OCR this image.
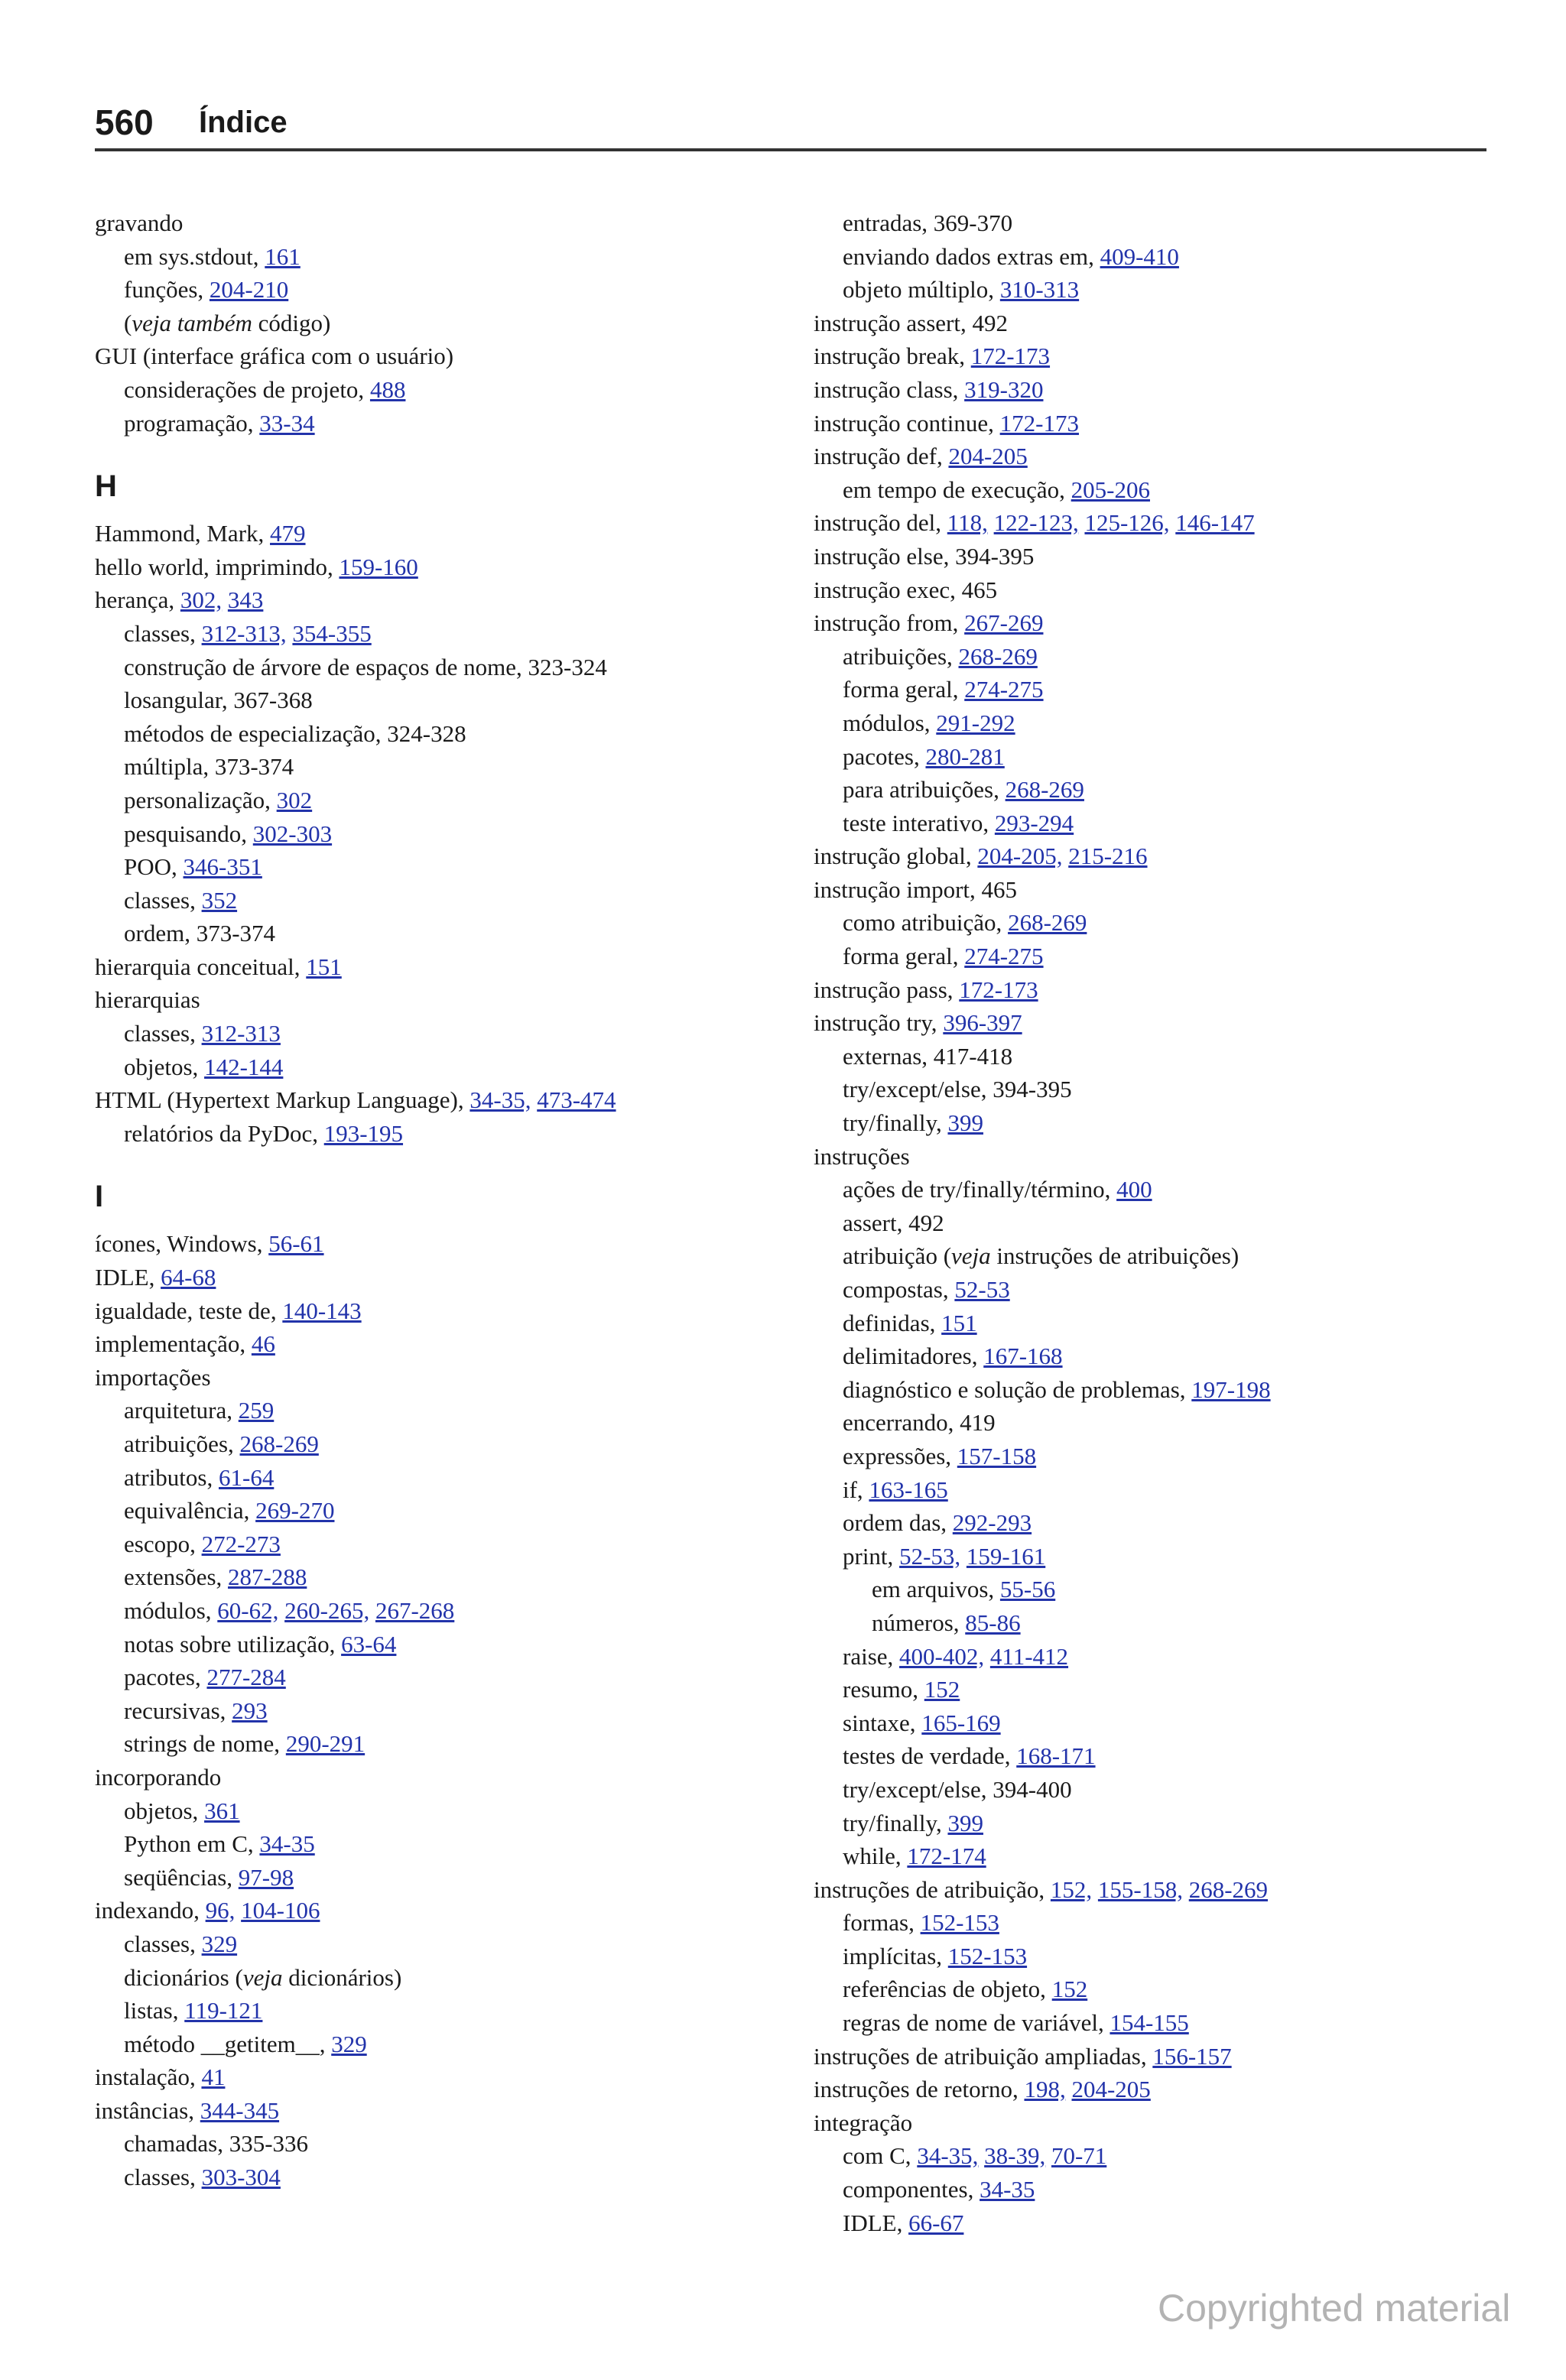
560 Índice
gravando
em sys.stdout, 161
funções, 204-210
(veja também código)
GUI (interface gráfica com o usuário)
considerações de projeto, 488
programação, 33-34
H
Hammond, Mark, 479
hello world, imprimindo, 159-160
herança, 302, 343
classes, 312-313, 354-355
construção de árvore de espaços de nome, 323-324
losangular, 367-368
métodos de especialização, 324-328
múltipla, 373-374
personalização, 302
pesquisando, 302-303
POO, 346-351
classes, 352
ordem, 373-374
hierarquia conceitual, 151
hierarquias
classes, 312-313
objetos, 142-144
HTML (Hypertext Markup Language), 34-35, 473-474
relatórios da PyDoc, 193-195
I
ícones, Windows, 56-61
IDLE, 64-68
igualdade, teste de, 140-143
implementação, 46
importações
arquitetura, 259
atribuições, 268-269
atributos, 61-64
equivalência, 269-270
escopo, 272-273
extensões, 287-288
módulos, 60-62, 260-265, 267-268
notas sobre utilização, 63-64
pacotes, 277-284
recursivas, 293
strings de nome, 290-291
incorporando
objetos, 361
Python em C, 34-35
seqüências, 97-98
indexando, 96, 104-106
classes, 329
dicionários (veja dicionários)
listas, 119-121
método __getitem__, 329
instalação, 41
instâncias, 344-345
chamadas, 335-336
classes, 303-304
entradas, 369-370
enviando dados extras em, 409-410
objeto múltiplo, 310-313
instrução assert, 492
instrução break, 172-173
instrução class, 319-320
instrução continue, 172-173
instrução def, 204-205
em tempo de execução, 205-206
instrução del, 118, 122-123, 125-126, 146-147
instrução else, 394-395
instrução exec, 465
instrução from, 267-269
atribuições, 268-269
forma geral, 274-275
módulos, 291-292
pacotes, 280-281
para atribuições, 268-269
teste interativo, 293-294
instrução global, 204-205, 215-216
instrução import, 465
como atribuição, 268-269
forma geral, 274-275
instrução pass, 172-173
instrução try, 396-397
externas, 417-418
try/except/else, 394-395
try/finally, 399
instruções
ações de try/finally/término, 400
assert, 492
atribuição (veja instruções de atribuições)
compostas, 52-53
definidas, 151
delimitadores, 167-168
diagnóstico e solução de problemas, 197-198
encerrando, 419
expressões, 157-158
if, 163-165
ordem das, 292-293
print, 52-53, 159-161
em arquivos, 55-56
números, 85-86
raise, 400-402, 411-412
resumo, 152
sintaxe, 165-169
testes de verdade, 168-171
try/except/else, 394-400
try/finally, 399
while, 172-174
instruções de atribuição, 152, 155-158, 268-269
formas, 152-153
implícitas, 152-153
referências de objeto, 152
regras de nome de variável, 154-155
instruções de atribuição ampliadas, 156-157
instruções de retorno, 198, 204-205
integração
com C, 34-35, 38-39, 70-71
componentes, 34-35
IDLE, 66-67
Copyrighted material
